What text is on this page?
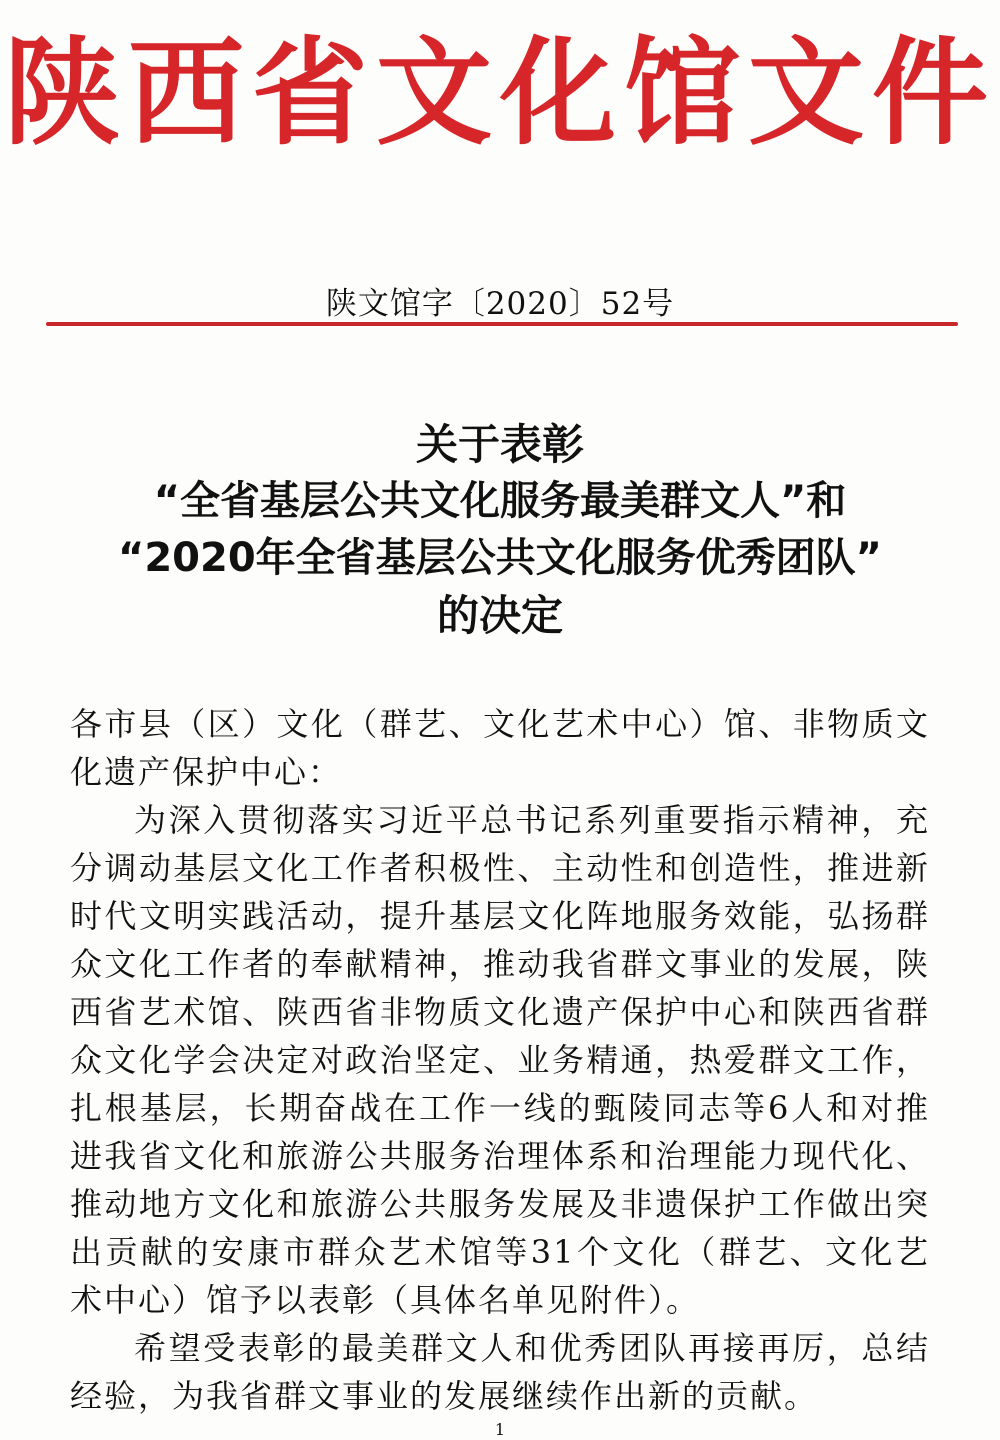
陕西省文化馆文件
陕文馆字〔2020〕52号
关于表彰
“全省基层公共文化服务最美群文人”和
“2020年全省基层公共文化服务优秀团队”
的决定

各市县（区）文化（群艺、文化艺术中心）馆、非物质文化遗产保护中心：

为深入贯彻落实习近平总书记系列重要指示精神，充分调动基层文化工作者积极性、主动性和创造性，推进新时代文明实践活动，提升基层文化阵地服务效能，弘扬群众文化工作者的奉献精神，推动我省群文事业的发展，陕西省艺术馆、陕西省非物质文化遗产保护中心和陕西省群众文化学会决定对政治坚定、业务精通，热爱群文工作，扎根基层，长期奋战在工作一线的甄陵同志等6人和对推进我省文化和旅游公共服务治理体系和治理能力现代化、推动地方文化和旅游公共服务发展及非遗保护工作做出突出贡献的安康市群众艺术馆等31个文化（群艺、文化艺术中心）馆予以表彰（具体名单见附件）。

希望受表彰的最美群文人和优秀团队再接再厉，总结经验，为我省群文事业的发展继续作出新的贡献。

1
